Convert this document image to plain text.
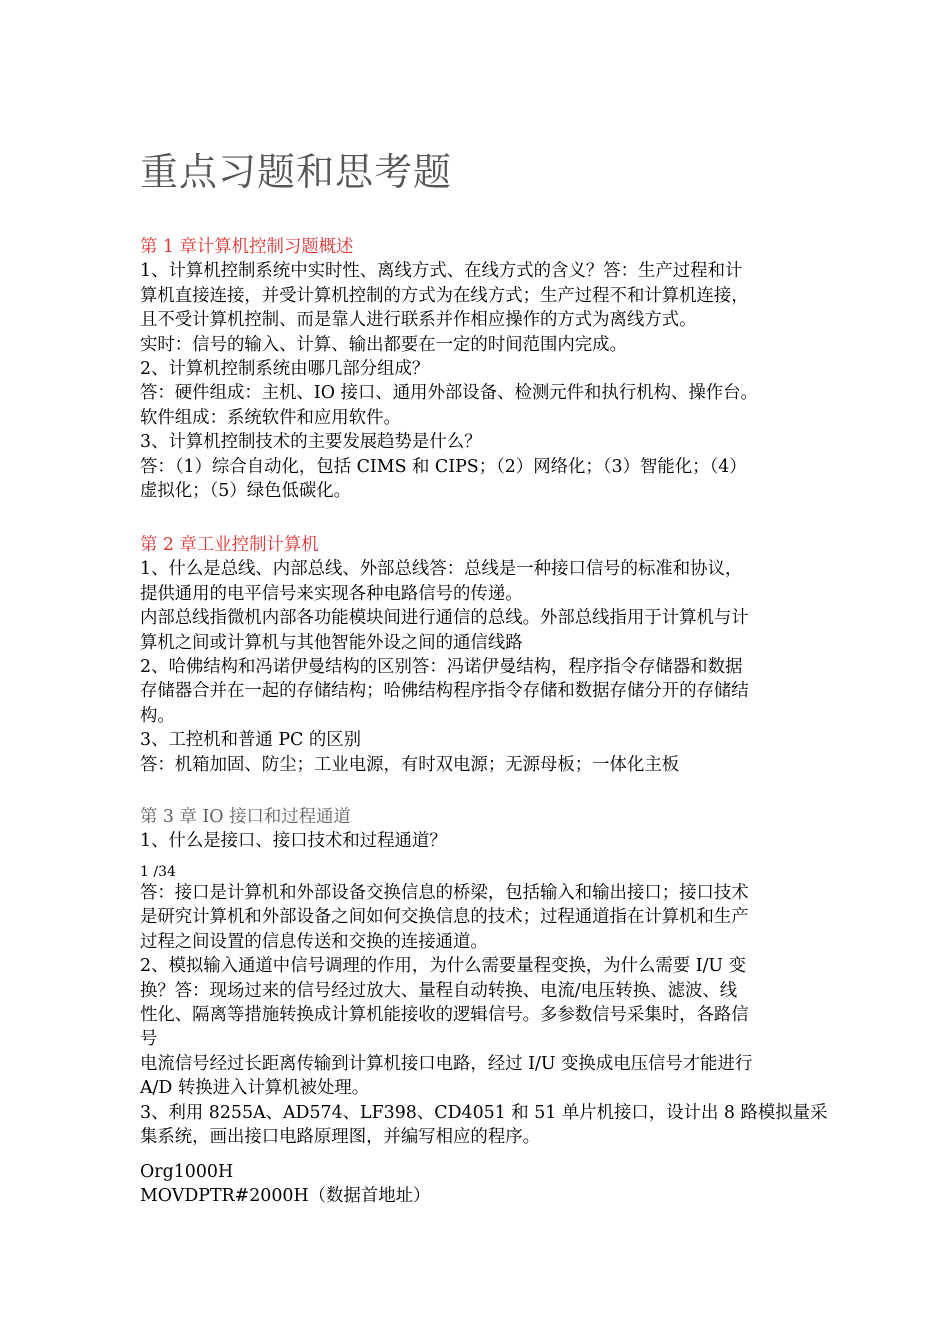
重点习题和思考题

第 1 章计算机控制习题概述

1、计算机控制系统中实时性、离线方式、在线方式的含义？答：生产过程和计

算机直接连接，并受计算机控制的方式为在线方式；生产过程不和计算机连接，

且不受计算机控制、而是靠人进行联系并作相应操作的方式为离线方式。

实时：信号的输入、计算、输出都要在一定的时间范围内完成。

2、计算机控制系统由哪几部分组成？

答：硬件组成：主机、IO 接口、通用外部设备、检测元件和执行机构、操作台。

软件组成：系统软件和应用软件。

3、计算机控制技术的主要发展趋势是什么？

答：（1）综合自动化，包括 CIMS 和 CIPS；（2）网络化；（3）智能化；（4）

虚拟化；（5）绿色低碳化。

第 2 章工业控制计算机

1、什么是总线、内部总线、外部总线答：总线是一种接口信号的标准和协议，

提供通用的电平信号来实现各种电路信号的传递。

内部总线指微机内部各功能模块间进行通信的总线。外部总线指用于计算机与计

算机之间或计算机与其他智能外设之间的通信线路

2、哈佛结构和冯诺伊曼结构的区别答：冯诺伊曼结构，程序指令存储器和数据

存储器合并在一起的存储结构；哈佛结构程序指令存储和数据存储分开的存储结

构。

3、工控机和普通 PC 的区别

答：机箱加固、防尘；工业电源，有时双电源；无源母板；一体化主板

第 3 章 IO 接口和过程通道

1、什么是接口、接口技术和过程通道？

1 /34

答：接口是计算机和外部设备交换信息的桥梁，包括输入和输出接口；接口技术

是研究计算机和外部设备之间如何交换信息的技术；过程通道指在计算机和生产

过程之间设置的信息传送和交换的连接通道。

2、模拟输入通道中信号调理的作用，为什么需要量程变换，为什么需要 I/U 变

换？答：现场过来的信号经过放大、量程自动转换、电流/电压转换、滤波、线

性化、隔离等措施转换成计算机能接收的逻辑信号。多参数信号采集时，各路信

号

电流信号经过长距离传输到计算机接口电路，经过 I/U 变换成电压信号才能进行

A/D 转换进入计算机被处理。

3、利用 8255A、AD574、LF398、CD4051 和 51 单片机接口，设计出 8 路模拟量采

集系统，画出接口电路原理图，并编写相应的程序。

Org1000H

MOVDPTR#2000H（数据首地址）
